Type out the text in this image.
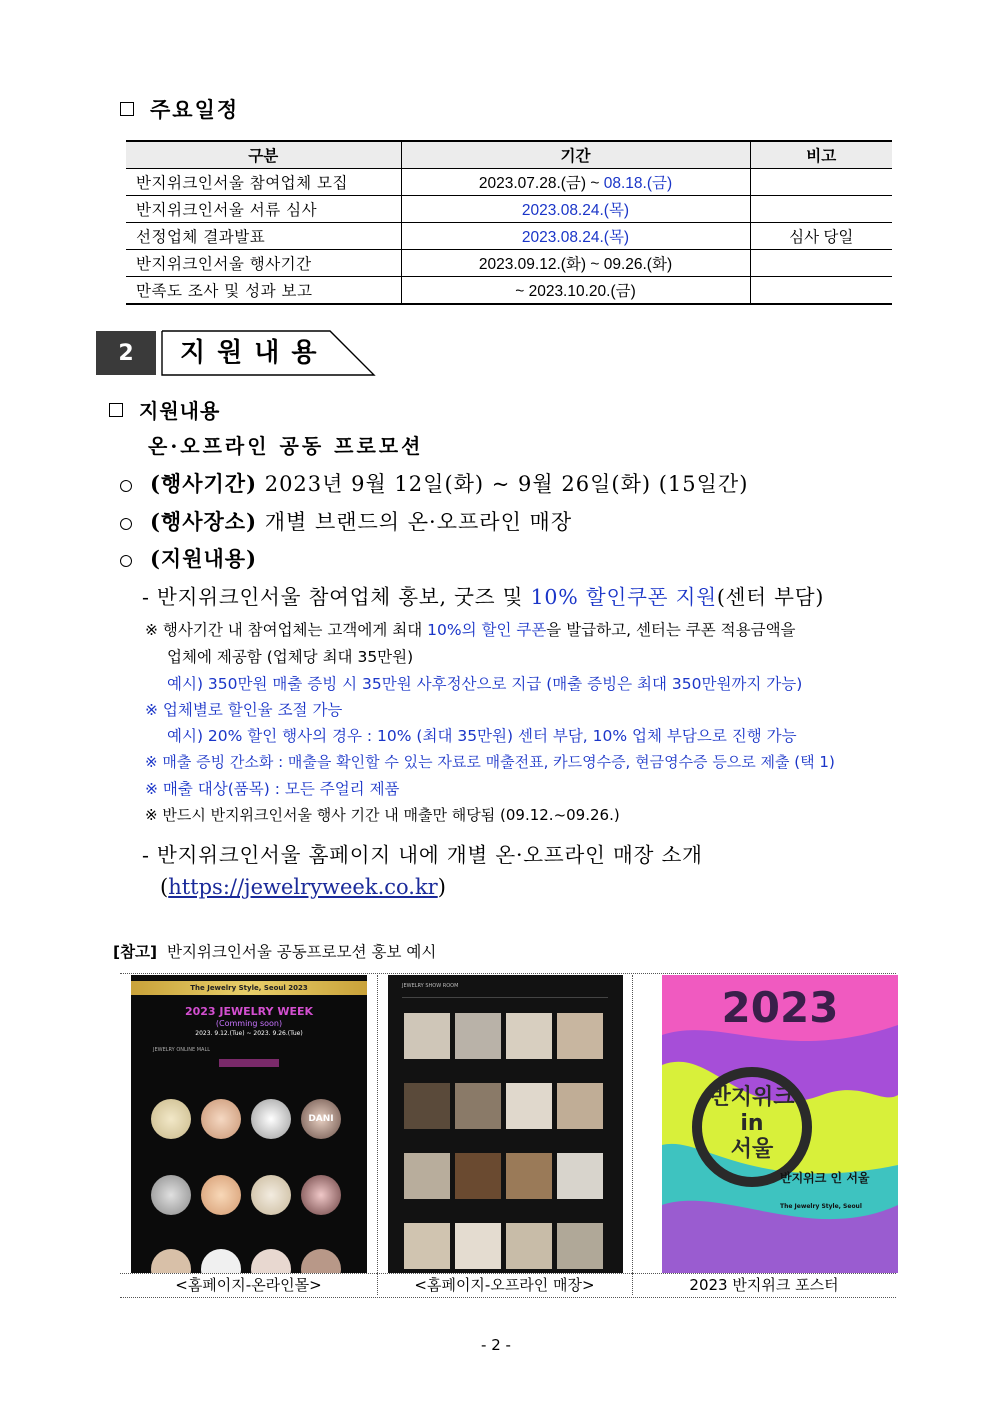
주요일정
구분	기간	비고
반지위크인서울 참여업체 모집	2023.07.28.(금) ~ 08.18.(금)	
반지위크인서울 서류 심사	2023.08.24.(목)	
선정업체 결과발표	2023.08.24.(목)	심사 당일
반지위크인서울 행사기간	2023.09.12.(화) ~ 09.26.(화)	
만족도 조사 및 성과 보고	~ 2023.10.20.(금)	
2	지원내용
지원내용
온·오프라인 공동 프로모션
(행사기간) 2023년 9월 12일(화) ~ 9월 26일(화) (15일간)
(행사장소) 개별 브랜드의 온·오프라인 매장
(지원내용)
- 반지위크인서울 참여업체 홍보, 굿즈 및 10% 할인쿠폰 지원(센터 부담)
※ 행사기간 내 참여업체는 고객에게 최대 10%의 할인 쿠폰을 발급하고, 센터는 쿠폰 적용금액을
업체에 제공함 (업체당 최대 35만원)
예시) 350만원 매출 증빙 시 35만원 사후정산으로 지급 (매출 증빙은 최대 350만원까지 가능)
※ 업체별로 할인율 조절 가능
예시) 20% 할인 행사의 경우 : 10% (최대 35만원) 센터 부담, 10% 업체 부담으로 진행 가능
※ 매출 증빙 간소화 : 매출을 확인할 수 있는 자료로 매출전표, 카드영수증, 현금영수증 등으로 제출 (택 1)
※ 매출 대상(품목) : 모든 주얼리 제품
※ 반드시 반지위크인서울 행사 기간 내 매출만 해당됨 (09.12.~09.26.)
- 반지위크인서울 홈페이지 내에 개별 온·오프라인 매장 소개
(https://jewelryweek.co.kr)
[참고] 반지위크인서울 공동프로모션 홍보 예시
The Jewelry Style, Seoul 2023
2023 JEWELRY WEEK
(Comming soon)
2023. 9.12.(Tue) ~ 2023. 9.26.(Tue)
JEWELRY ONLINE MALL
DANI
JEWELRY SHOW ROOM	2023
반지위크
in
서울
반지위크 인 서울
The Jewelry Style, Seoul
<홈페이지-온라인몰>	<홈페이지-오프라인 매장>	2023 반지위크 포스터
- 2 -
